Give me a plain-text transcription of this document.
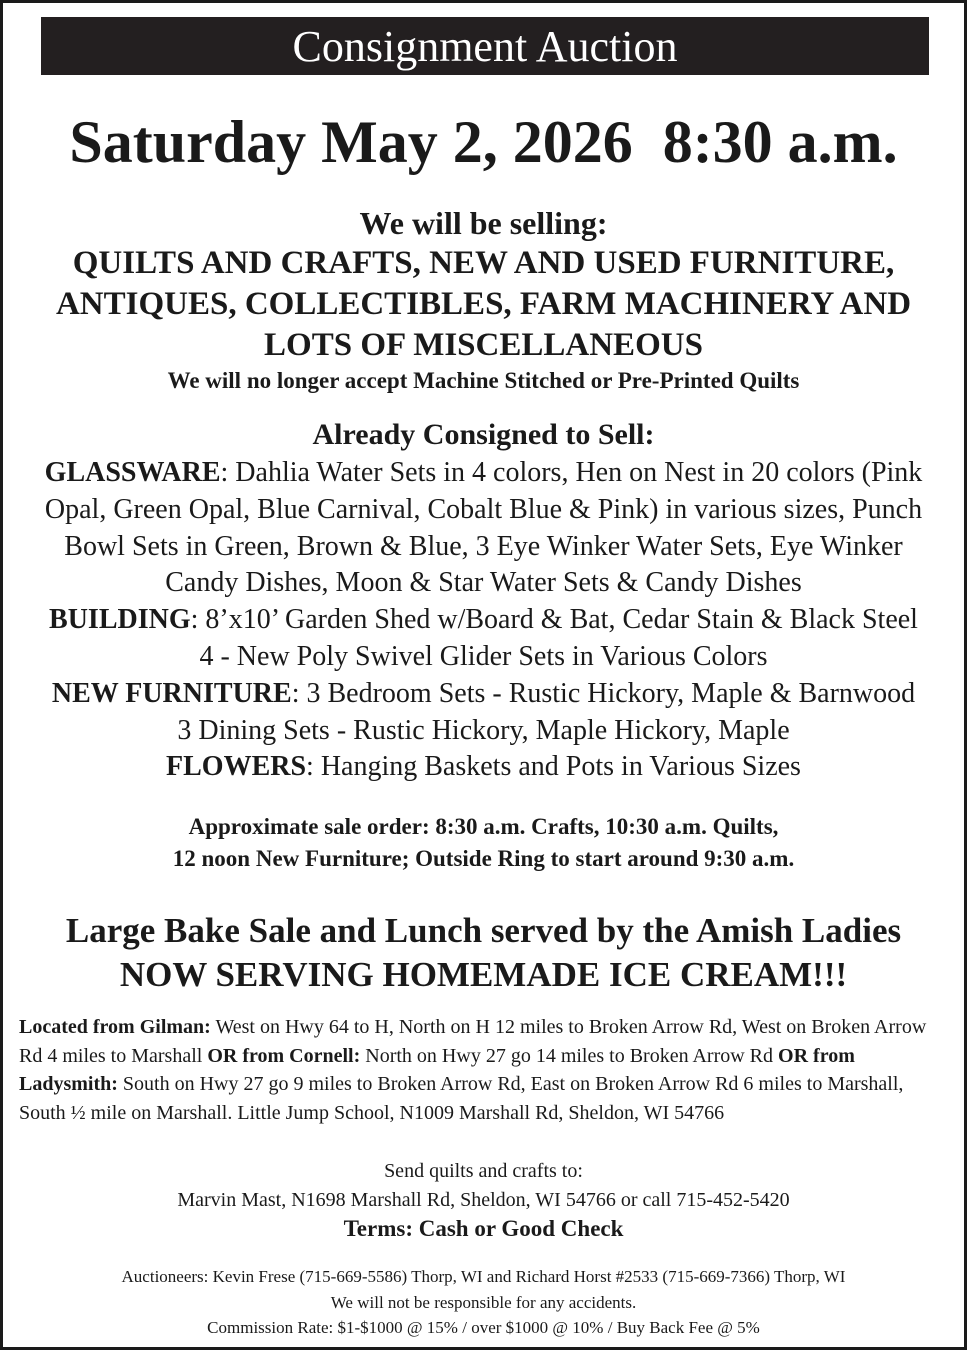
Consignment Auction
Saturday May 2, 2026  8:30 a.m.
We will be selling:
QUILTS AND CRAFTS, NEW AND USED FURNITURE,
ANTIQUES, COLLECTIBLES, FARM MACHINERY AND
LOTS OF MISCELLANEOUS
We will no longer accept Machine Stitched or Pre-Printed Quilts
Already Consigned to Sell:
GLASSWARE: Dahlia Water Sets in 4 colors, Hen on Nest in 20 colors (Pink
Opal, Green Opal, Blue Carnival, Cobalt Blue & Pink) in various sizes, Punch
Bowl Sets in Green, Brown & Blue, 3 Eye Winker Water Sets, Eye Winker
Candy Dishes, Moon & Star Water Sets & Candy Dishes
BUILDING: 8’x10’ Garden Shed w/Board & Bat, Cedar Stain & Black Steel
4 - New Poly Swivel Glider Sets in Various Colors
NEW FURNITURE: 3 Bedroom Sets - Rustic Hickory, Maple & Barnwood
3 Dining Sets - Rustic Hickory, Maple Hickory, Maple
FLOWERS: Hanging Baskets and Pots in Various Sizes
Approximate sale order: 8:30 a.m. Crafts, 10:30 a.m. Quilts,
12 noon New Furniture; Outside Ring to start around 9:30 a.m.
Large Bake Sale and Lunch served by the Amish Ladies
NOW SERVING HOMEMADE ICE CREAM!!!
Located from Gilman: West on Hwy 64 to H, North on H 12 miles to Broken Arrow Rd, West on Broken Arrow Rd 4 miles to Marshall OR from Cornell: North on Hwy 27 go 14 miles to Broken Arrow Rd OR from Ladysmith: South on Hwy 27 go 9 miles to Broken Arrow Rd, East on Broken Arrow Rd 6 miles to Marshall, South ½ mile on Marshall. Little Jump School, N1009 Marshall Rd, Sheldon, WI 54766
Send quilts and crafts to:
Marvin Mast, N1698 Marshall Rd, Sheldon, WI 54766 or call 715-452-5420
Terms: Cash or Good Check
Auctioneers: Kevin Frese (715-669-5586) Thorp, WI and Richard Horst #2533 (715-669-7366) Thorp, WI
We will not be responsible for any accidents.
Commission Rate: $1-$1000 @ 15% / over $1000 @ 10% / Buy Back Fee @ 5%
